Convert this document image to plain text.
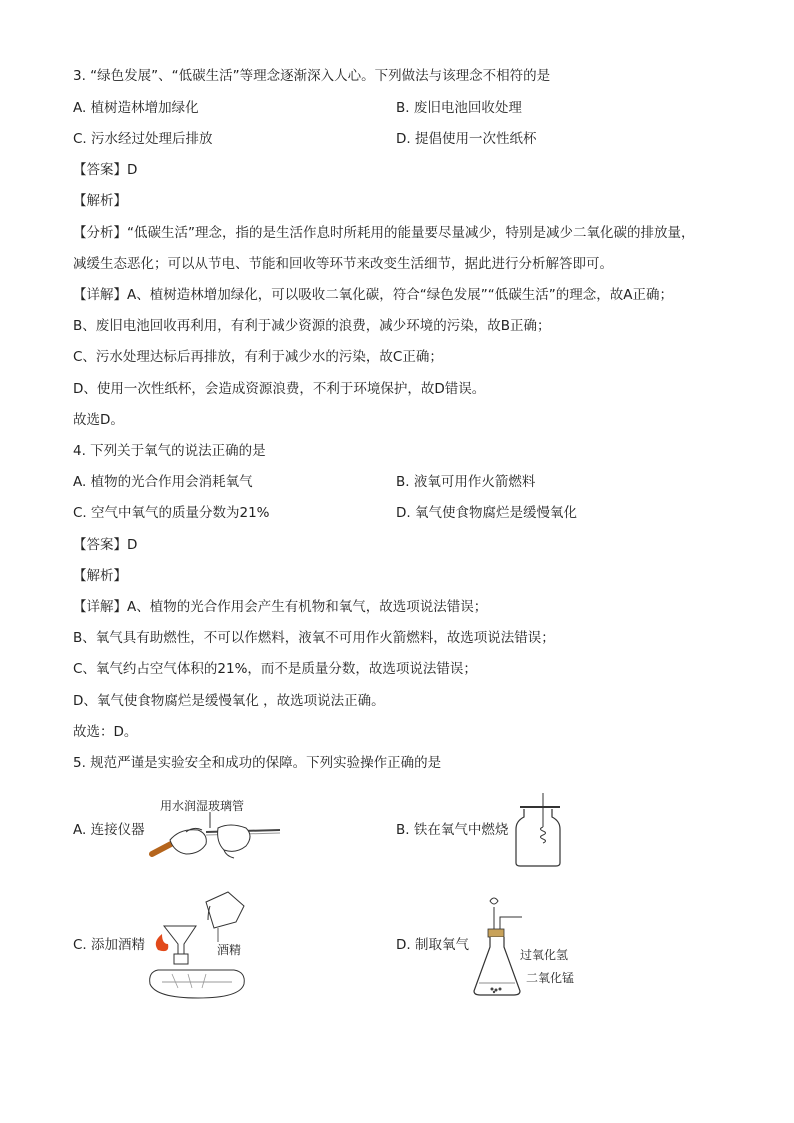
3. “绿色发展”、“低碳生活”等理念逐渐深入人心。下列做法与该理念不相符的是
A. 植树造林增加绿化	B. 废旧电池回收处理
C. 污水经过处理后排放	D. 提倡使用一次性纸杯
【答案】D
【解析】
【分析】“低碳生活”理念，指的是生活作息时所耗用的能量要尽量减少，特别是减少二氧化碳的排放量，
减缓生态恶化；可以从节电、节能和回收等环节来改变生活细节，据此进行分析解答即可。
【详解】A、植树造林增加绿化，可以吸收二氧化碳，符合“绿色发展”“低碳生活”的理念，故A正确；
B、废旧电池回收再利用，有利于减少资源的浪费，减少环境的污染，故B正确；
C、污水处理达标后再排放，有利于减少水的污染，故C正确；
D、使用一次性纸杯，会造成资源浪费，不利于环境保护，故D错误。
故选D。
4. 下列关于氧气的说法正确的是
A. 植物的光合作用会消耗氧气	B. 液氧可用作火箭燃料
C. 空气中氧气的质量分数为21%	D. 氧气使食物腐烂是缓慢氧化
【答案】D
【解析】
【详解】A、植物的光合作用会产生有机物和氧气，故选项说法错误；
B、氧气具有助燃性，不可以作燃料，液氧不可用作火箭燃料，故选项说法错误；
C、氧气约占空气体积的21%，而不是质量分数，故选项说法错误；
D、氧气使食物腐烂是缓慢氧化 ，故选项说法正确。
故选：D。
5. 规范严谨是实验安全和成功的保障。下列实验操作正确的是
A. 连接仪器
用水润湿玻璃管
B. 铁在氧气中燃烧
C. 添加酒精	酒精	D. 制取氧气
过氧化氢
二氧化锰
